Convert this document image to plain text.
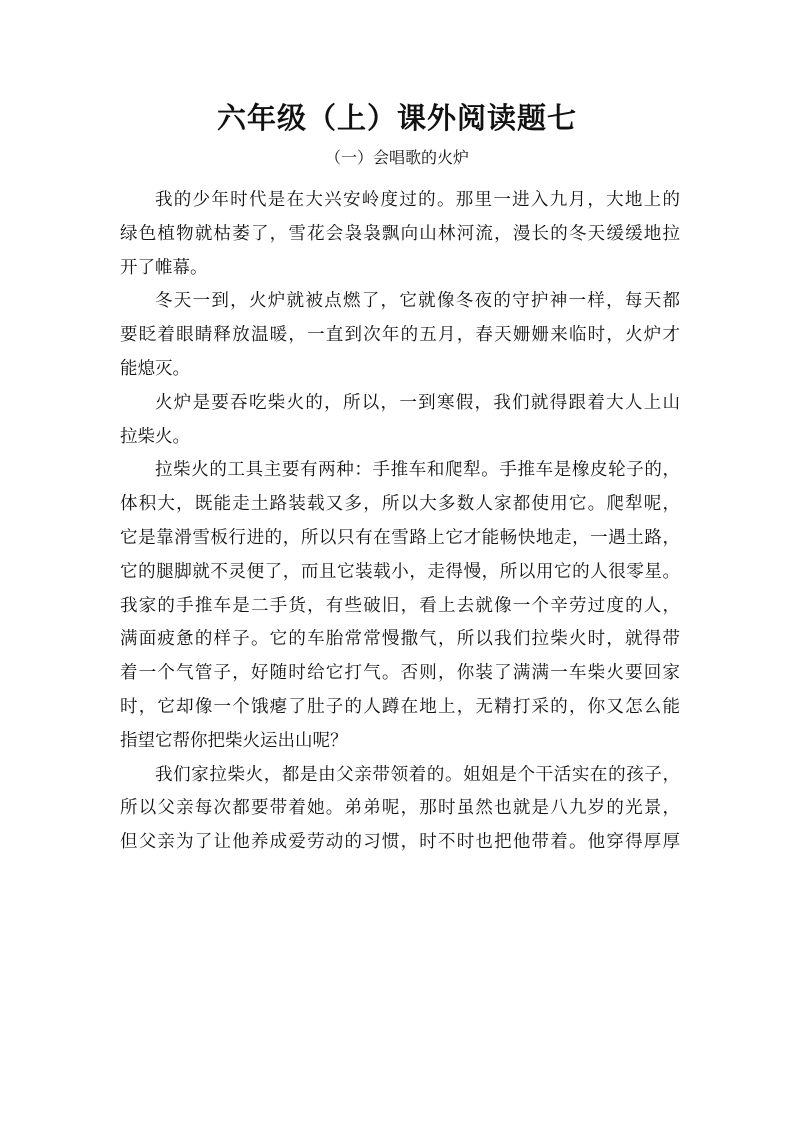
六年级（上）课外阅读题七
（一）会唱歌的火炉
我的少年时代是在大兴安岭度过的。那里一进入九月，大地上的
绿色植物就枯萎了，雪花会袅袅飘向山林河流，漫长的冬天缓缓地拉
开了帷幕。
冬天一到，火炉就被点燃了，它就像冬夜的守护神一样，每天都
要眨着眼睛释放温暖，一直到次年的五月，春天姗姗来临时，火炉才
能熄灭。
火炉是要吞吃柴火的，所以，一到寒假，我们就得跟着大人上山
拉柴火。
拉柴火的工具主要有两种：手推车和爬犁。手推车是橡皮轮子的，
体积大，既能走土路装载又多，所以大多数人家都使用它。爬犁呢，
它是靠滑雪板行进的，所以只有在雪路上它才能畅快地走，一遇土路，
它的腿脚就不灵便了，而且它装载小，走得慢，所以用它的人很零星。
我家的手推车是二手货，有些破旧，看上去就像一个辛劳过度的人，
满面疲惫的样子。它的车胎常常慢撒气，所以我们拉柴火时，就得带
着一个气管子，好随时给它打气。否则，你装了满满一车柴火要回家
时，它却像一个饿瘪了肚子的人蹲在地上，无精打采的，你又怎么能
指望它帮你把柴火运出山呢？
我们家拉柴火，都是由父亲带领着的。姐姐是个干活实在的孩子，
所以父亲每次都要带着她。弟弟呢，那时虽然也就是八九岁的光景，
但父亲为了让他养成爱劳动的习惯，时不时也把他带着。他穿得厚厚
